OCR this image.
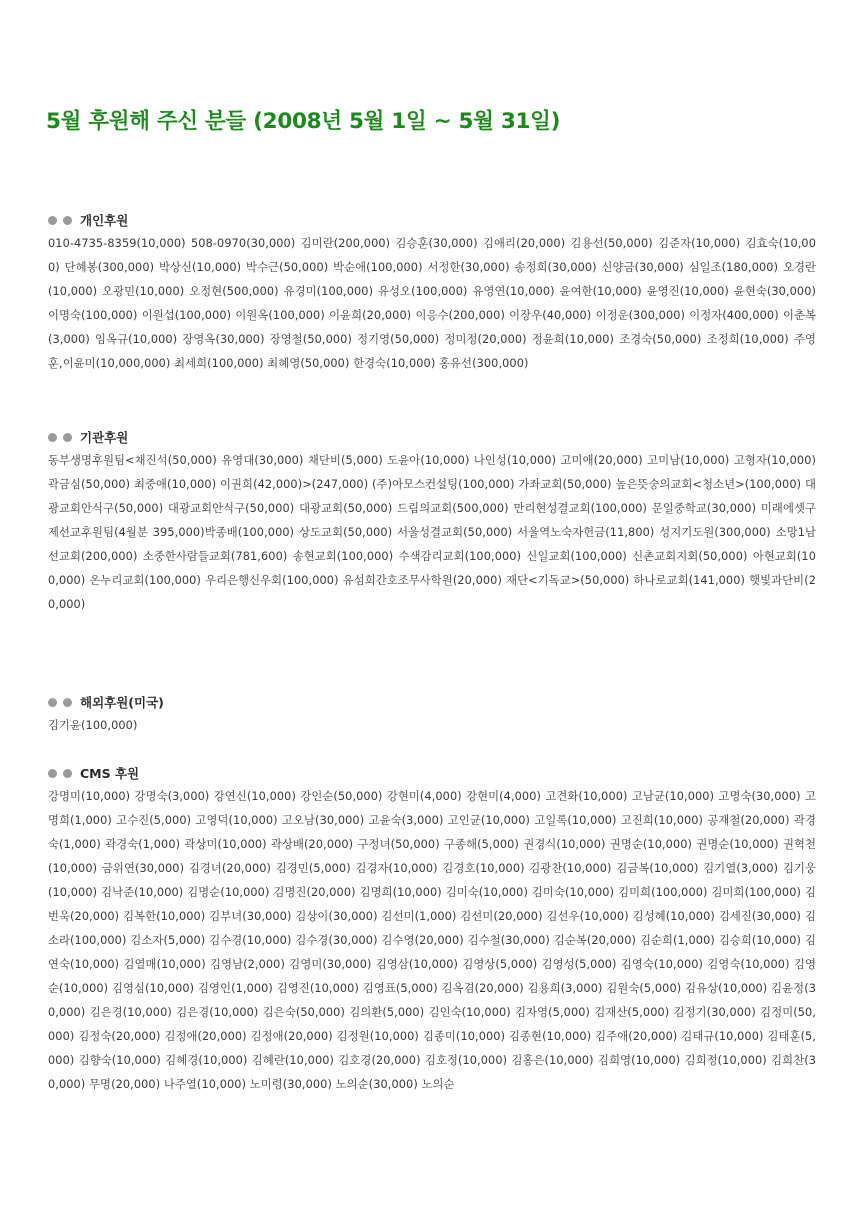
5월 후원해 주신 분들 (2008년 5월 1일 ~ 5월 31일)
개인후원

010-4735-8359(10,000) 508-0970(30,000) 김미란(200,000) 김승훈(30,000) 김애리(20,000) 김용선(50,000) 김준자(10,000) 김효숙(10,000) 단혜봉(300,000) 박상신(10,000) 박수근(50,000) 박순애(100,000) 서정한(30,000) 송정희(30,000) 신양금(30,000) 심일조(180,000) 오경란(10,000) 오광민(10,000) 오정현(500,000) 유경미(100,000) 유성오(100,000) 유영연(10,000) 윤여한(10,000) 윤영진(10,000) 윤현숙(30,000) 이명숙(100,000) 이원섭(100,000) 이원옥(100,000) 이윤희(20,000) 이응수(200,000) 이장우(40,000) 이정운(300,000) 이정자(400,000) 이춘복(3,000) 임옥규(10,000) 장영옥(30,000) 장영철(50,000) 정기영(50,000) 정미정(20,000) 정윤희(10,000) 조경숙(50,000) 조정희(10,000) 주영훈,이윤미(10,000,000) 최세희(100,000) 최혜영(50,000) 한경숙(10,000) 홍유선(300,000)

기관후원

동부생명후원팀<채진석(50,000) 유영대(30,000) 채단비(5,000) 도윤아(10,000) 나인성(10,000) 고미애(20,000) 고미남(10,000) 고형자(10,000) 곽금심(50,000) 최중애(10,000) 이권희(42,000)>(247,000) (주)아모스컨설팅(100,000) 가좌교회(50,000) 높은뜻숭의교회<청소년>(100,000) 대광교회안식구(50,000) 대광교회안식구(50,000) 대광교회(50,000) 드림의교회(500,000) 만리현성결교회(100,000) 문일중학교(30,000) 미래에셋구제선교후원팀(4월분 395,000)박종배(100,000) 상도교회(50,000) 서울성결교회(50,000) 서울역노숙자헌금(11,800) 성지기도원(300,000) 소망1남선교회(200,000) 소중한사람들교회(781,600) 송현교회(100,000) 수색감리교회(100,000) 신일교회(100,000) 신촌교회지회(50,000) 아현교회(100,000) 온누리교회(100,000) 우리은행신우회(100,000) 유섬희간호조무사학원(20,000) 재단<기독교>(50,000) 하나로교회(141,000) 햇빛과단비(20,000)

해외후원(미국)

김기윤(100,000)

CMS 후원

강명미(10,000) 강명숙(3,000) 강연신(10,000) 강인순(50,000) 강현미(4,000) 강현미(4,000) 고견화(10,000) 고남균(10,000) 고명숙(30,000) 고명희(1,000) 고수진(5,000) 고영덕(10,000) 고오남(30,000) 고윤숙(3,000) 고인균(10,000) 고일록(10,000) 고진희(10,000) 공재철(20,000) 곽경숙(1,000) 곽경숙(1,000) 곽상미(10,000) 곽상배(20,000) 구정녀(50,000) 구종해(5,000) 권경식(10,000) 권명순(10,000) 권명순(10,000) 권혁천(10,000) 금위연(30,000) 김경녀(20,000) 김경민(5,000) 김경자(10,000) 김경호(10,000) 김광찬(10,000) 김금복(10,000) 김기열(3,000) 김기웅(10,000) 김낙준(10,000) 김명순(10,000) 김명진(20,000) 김명희(10,000) 김미숙(10,000) 김미숙(10,000) 김미희(100,000) 김미희(100,000) 김번욱(20,000) 김복한(10,000) 김부녀(30,000) 김상이(30,000) 김선미(1,000) 김선미(20,000) 김선우(10,000) 김성혜(10,000) 김세진(30,000) 김소라(100,000) 김소자(5,000) 김수경(10,000) 김수경(30,000) 김수영(20,000) 김수철(30,000) 김순복(20,000) 김순희(1,000) 김승희(10,000) 김연숙(10,000) 김열매(10,000) 김영남(2,000) 김영미(30,000) 김영삼(10,000) 김영상(5,000) 김영성(5,000) 김영숙(10,000) 김영숙(10,000) 김영순(10,000) 김영심(10,000) 김영인(1,000) 김영진(10,000) 김영표(5,000) 김옥겸(20,000) 김용희(3,000) 김원숙(5,000) 김유상(10,000) 김윤정(30,000) 김은경(10,000) 김은경(10,000) 김은숙(50,000) 김의환(5,000) 김인숙(10,000) 김자영(5,000) 김재산(5,000) 김정기(30,000) 김정미(50,000) 김정숙(20,000) 김정애(20,000) 김정애(20,000) 김정원(10,000) 김종미(10,000) 김종현(10,000) 김주애(20,000) 김태규(10,000) 김태훈(5,000) 김향숙(10,000) 김혜경(10,000) 김혜란(10,000) 김호경(20,000) 김호정(10,000) 김홍은(10,000) 김희영(10,000) 김희정(10,000) 김희찬(30,000) 무명(20,000) 나주열(10,000) 노미령(30,000) 노의순(30,000) 노의순
